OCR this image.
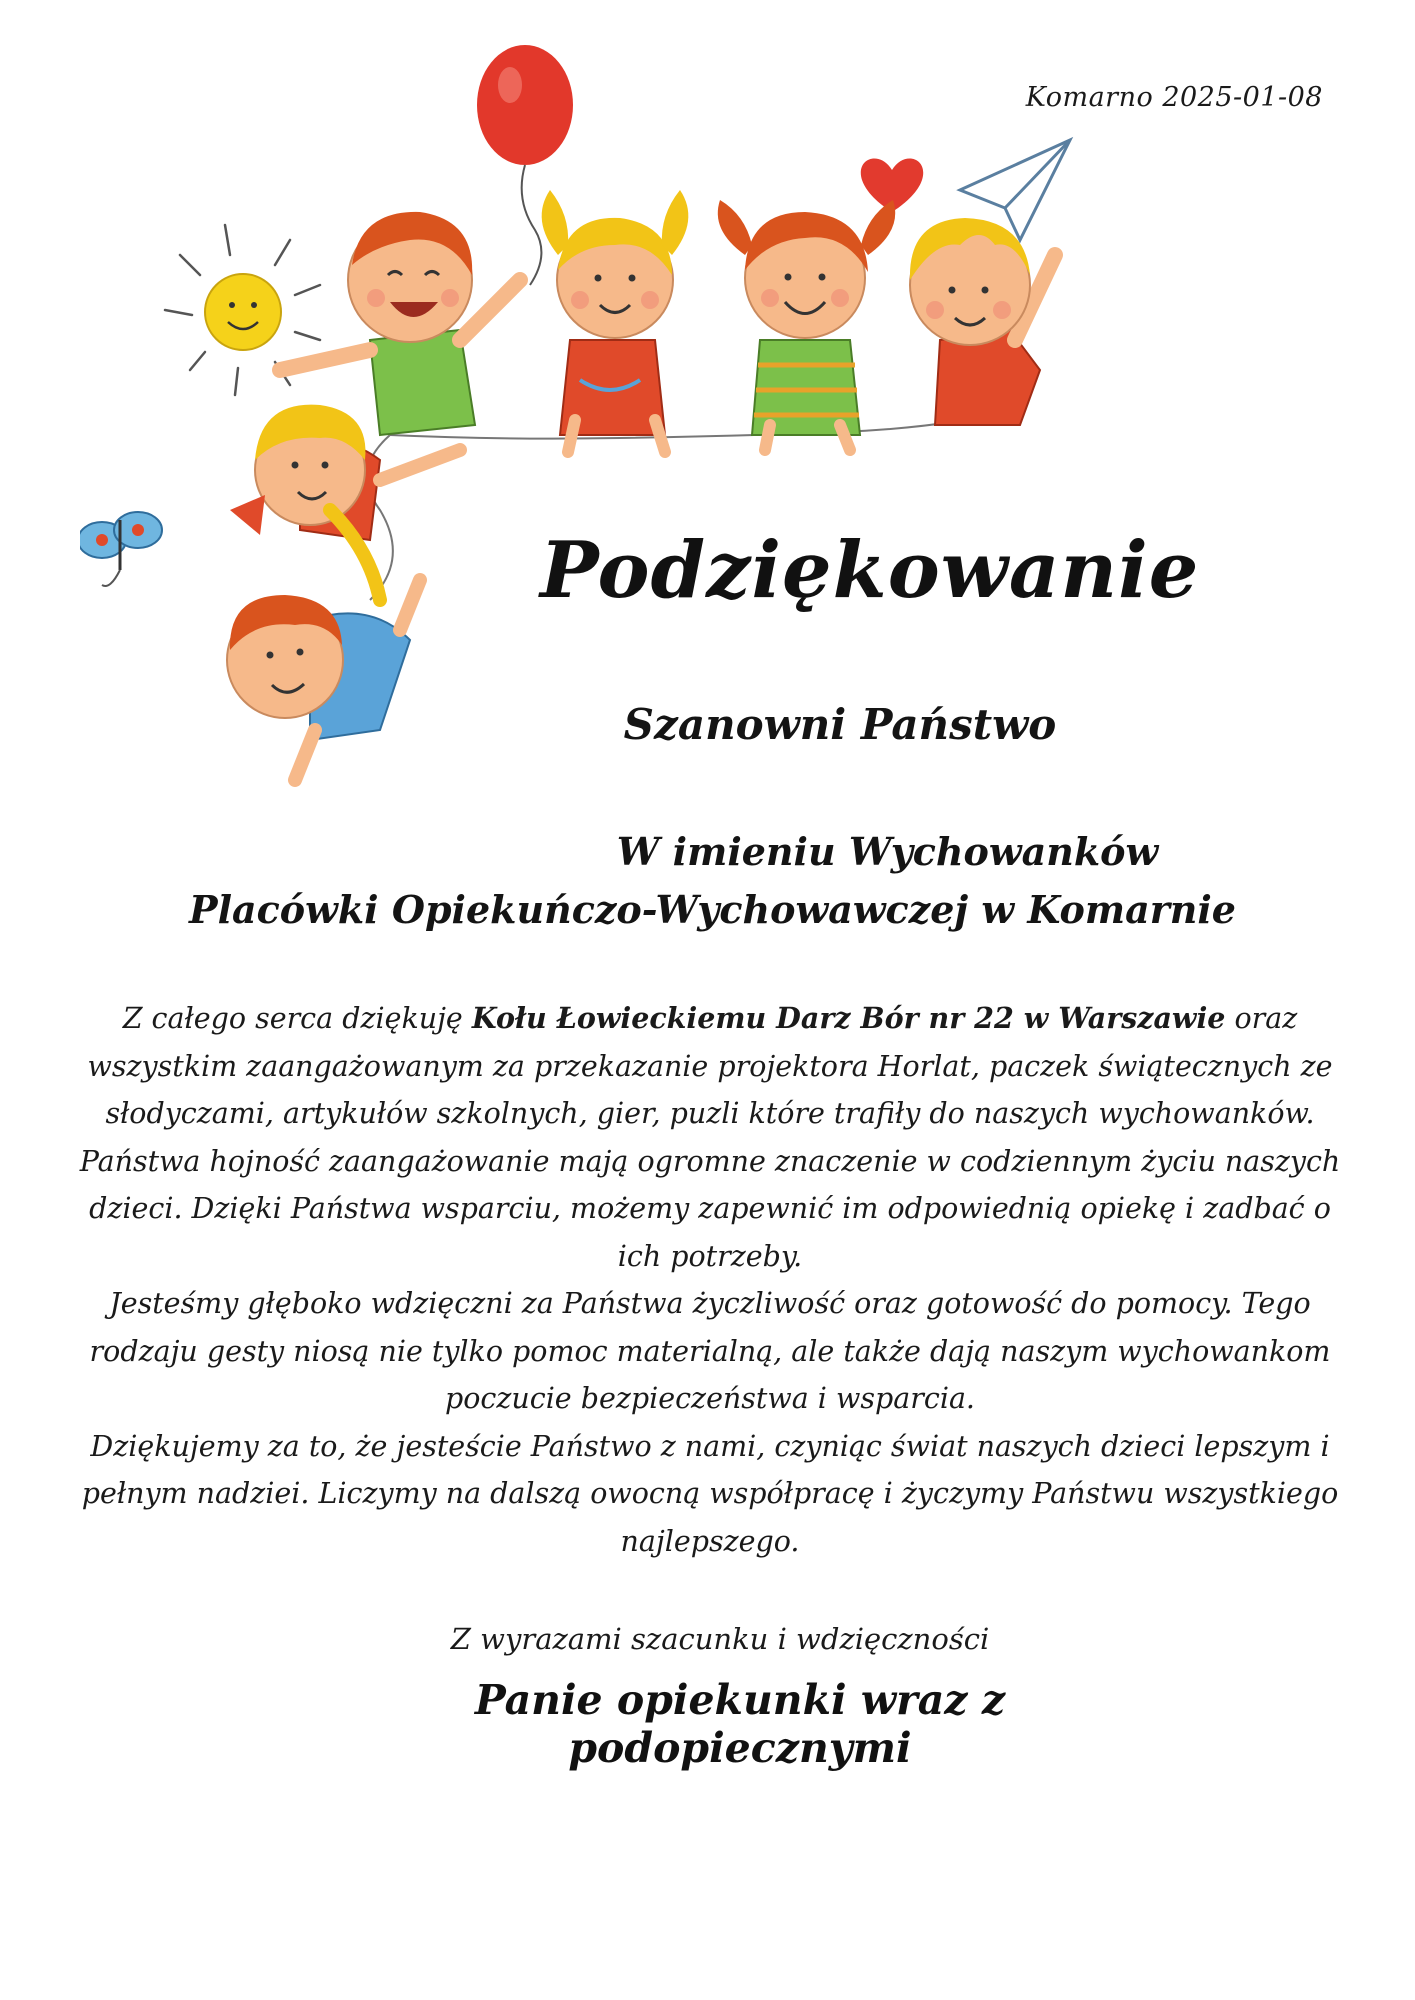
Komarno 2025-01-08
Podziękowanie
Szanowni Państwo
W imieniu Wychowanków
Placówki Opiekuńczo-Wychowawczej w Komarnie
Z całego serca dziękuję Kołu Łowieckiemu Darz Bór nr 22 w Warszawie oraz wszystkim zaangażowanym za przekazanie projektora Horlat, paczek świątecznych ze słodyczami, artykułów szkolnych, gier, puzli które trafiły do naszych wychowanków. Państwa hojność zaangażowanie mają ogromne znaczenie w codziennym życiu naszych dzieci. Dzięki Państwa wsparciu, możemy zapewnić im odpowiednią opiekę i zadbać o ich potrzeby.
Jesteśmy głęboko wdzięczni za Państwa życzliwość oraz gotowość do pomocy. Tego rodzaju gesty niosą nie tylko pomoc materialną, ale także dają naszym wychowankom poczucie bezpieczeństwa i wsparcia.
Dziękujemy za to, że jesteście Państwo z nami, czyniąc świat naszych dzieci lepszym i pełnym nadziei. Liczymy na dalszą owocną współpracę i życzymy Państwu wszystkiego najlepszego.
Z wyrazami szacunku i wdzięczności
Panie opiekunki wraz z podopiecznymi
